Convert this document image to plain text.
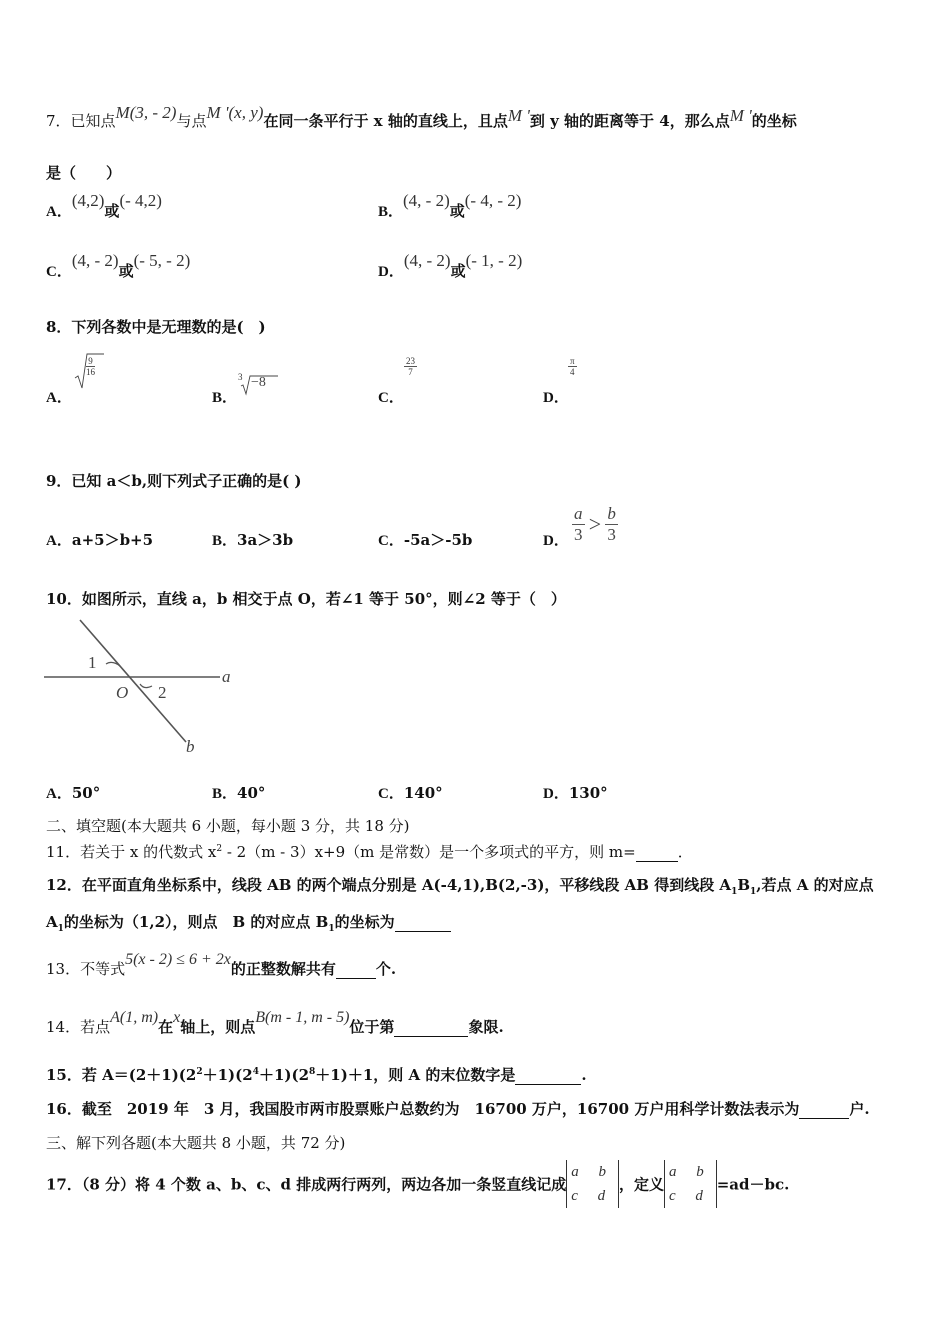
7．已知点M(3, - 2)与点M '(x, y)在同一条平行于 x 轴的直线上，且点M '到 y 轴的距离等于 4，那么点M '的坐标
是（　　）
A．(4,2)或(- 4,2)
B．(4, - 2)或(- 4, - 2)
C．(4, - 2)或(- 5, - 2)
D．(4, - 2)或(- 1, - 2)
8．下列各数中是无理数的是(　)
A．
$\frac{9}{16}$
B．
3 −8
C．
$\frac{23}{7}$
D．
$\frac{\pi}{4}$
9．已知 a＜b,则下列式子正确的是( )
A．a+5＞b+5	B．3a＞3b	C．-5a＞-5b	D． $\frac{a}{3} > \frac{b}{3}$
10．如图所示，直线 a，b 相交于点 O，若∠1 等于 50°，则∠2 等于（　）
1
O 2
a
b
A．50°	B．40°	C．140°	D．130°
二、填空题(本大题共 6 小题，每小题 3 分，共 18 分)
11．若关于 x 的代数式 $x^2 - 2(m - 3)x+9(m$ 是常数）是一个多项式的平方，则 m=	．
12．在平面直角坐标系中，线段 AB 的两个端点分别是 A(-4,1),B(2,-3)，平移线段 AB 得到线段 $A_1B_1$,若点 A 的对应点
$A_1$的坐标为（1,2），则点　B 的对应点 $B_1$的坐标为
13．不等式5(x - 2) ≤ 6 + 2x的正整数解共有	个.
14．若点A(1, m)在x轴上，则点B(m - 1, m - 5)位于第	象限.
15．若 $A=(2+1)(2^2+1)(2^4+1)(2^8+1)+1$，则 A 的末位数字是	.
16．截至　2019 年　3 月，我国股市两市股票账户总数约为　16700 万户，16700 万户用科学计数法表示为	户.
三、解下列各题(本大题共 8 小题，共 72 分)
17．（8 分）将 4 个数 a、b、c、d 排成两行两列，两边各加一条竖直线记成
a b
c d
，定义
a b
c d
=ad－bc.
